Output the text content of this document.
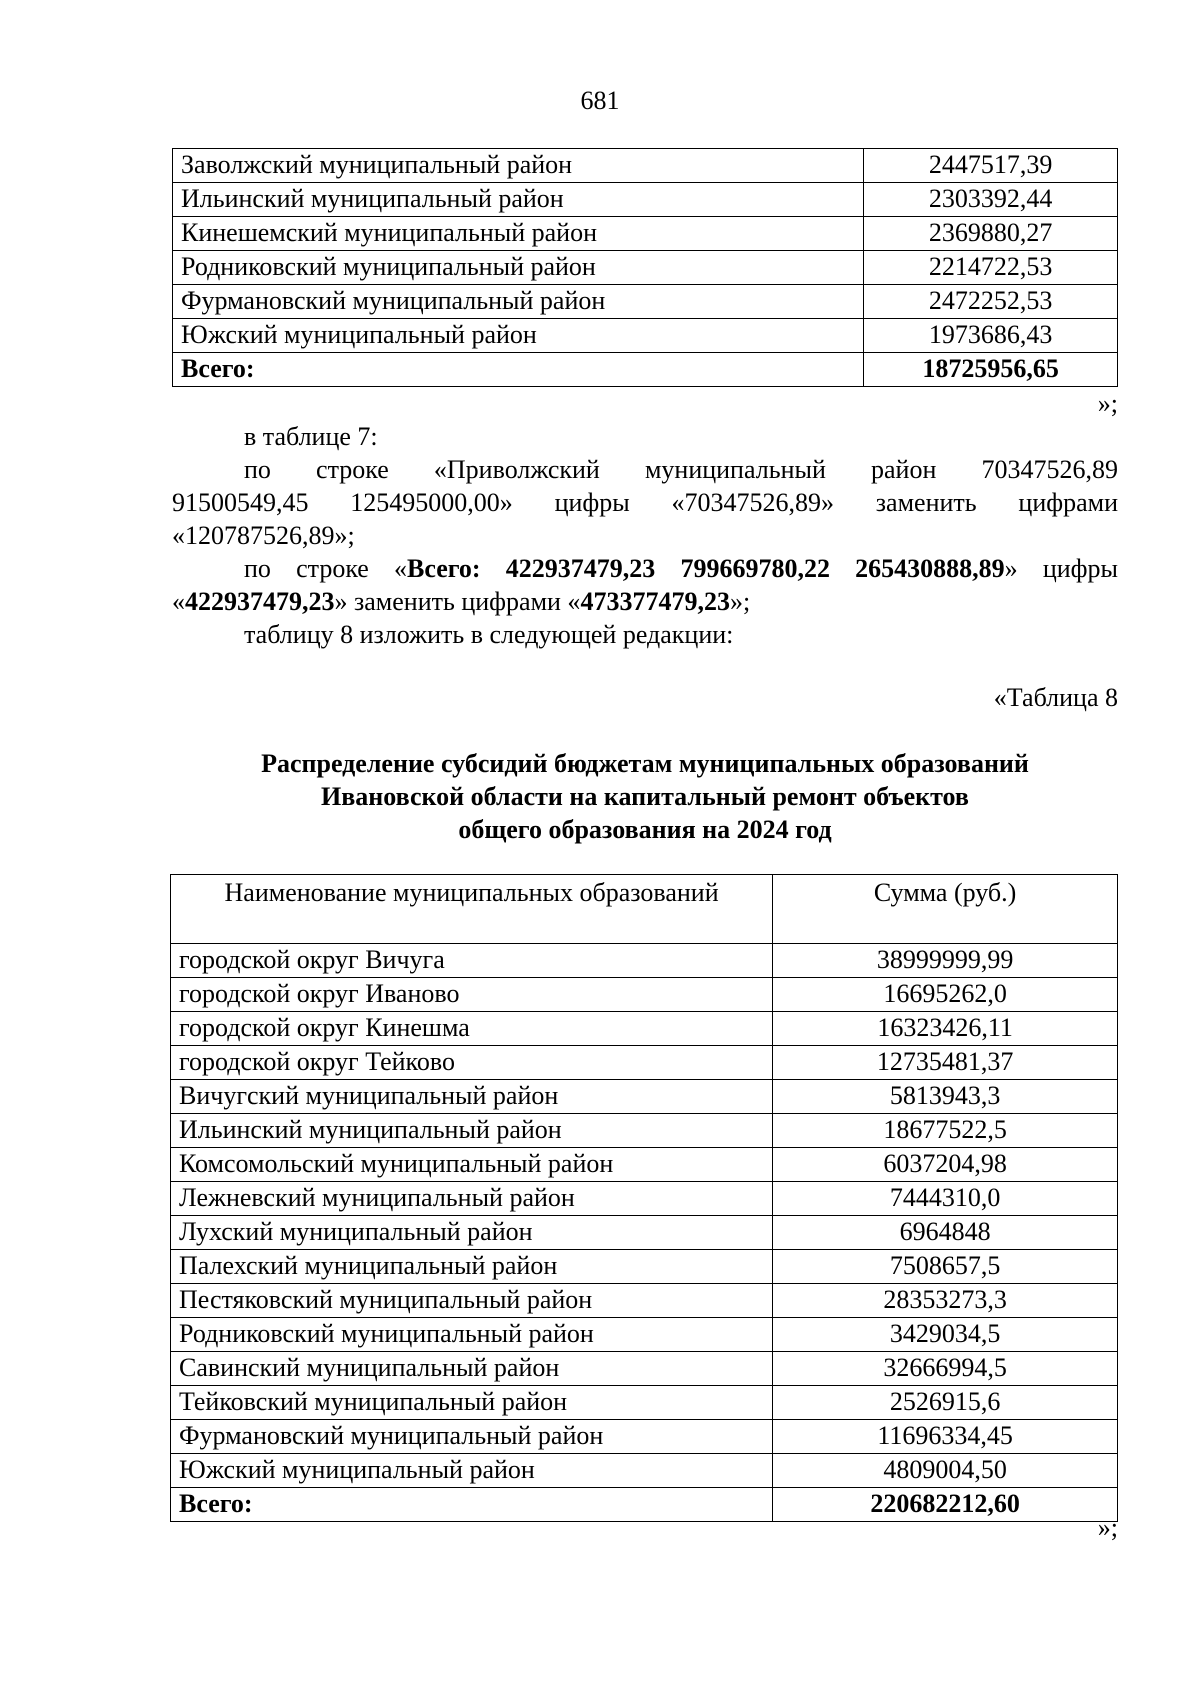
681
Заволжский муниципальный район	2447517,39
Ильинский муниципальный район	2303392,44
Кинешемский муниципальный район	2369880,27
Родниковский муниципальный район	2214722,53
Фурмановский муниципальный район	2472252,53
Южский муниципальный район	1973686,43
Всего:	18725956,65
»;
в таблице 7:
по строке «Приволжский муниципальный район 70347526,89
91500549,45 125495000,00» цифры «70347526,89» заменить цифрами
«120787526,89»;
по строке «Всего: 422937479,23 799669780,22 265430888,89» цифры
«422937479,23» заменить цифрами «473377479,23»;
таблицу 8 изложить в следующей редакции:
«Таблица 8
Распределение субсидий бюджетам муниципальных образований
Ивановской области на капитальный ремонт объектов
общего образования на 2024 год
Наименование муниципальных образований	Сумма (руб.)
городской округ Вичуга	38999999,99
городской округ Иваново	16695262,0
городской округ Кинешма	16323426,11
городской округ Тейково	12735481,37
Вичугский муниципальный район	5813943,3
Ильинский муниципальный район	18677522,5
Комсомольский муниципальный район	6037204,98
Лежневский муниципальный район	7444310,0
Лухский муниципальный район	6964848
Палехский муниципальный район	7508657,5
Пестяковский муниципальный район	28353273,3
Родниковский муниципальный район	3429034,5
Савинский муниципальный район	32666994,5
Тейковский муниципальный район	2526915,6
Фурмановский муниципальный район	11696334,45
Южский муниципальный район	4809004,50
Всего:	220682212,60
»;
